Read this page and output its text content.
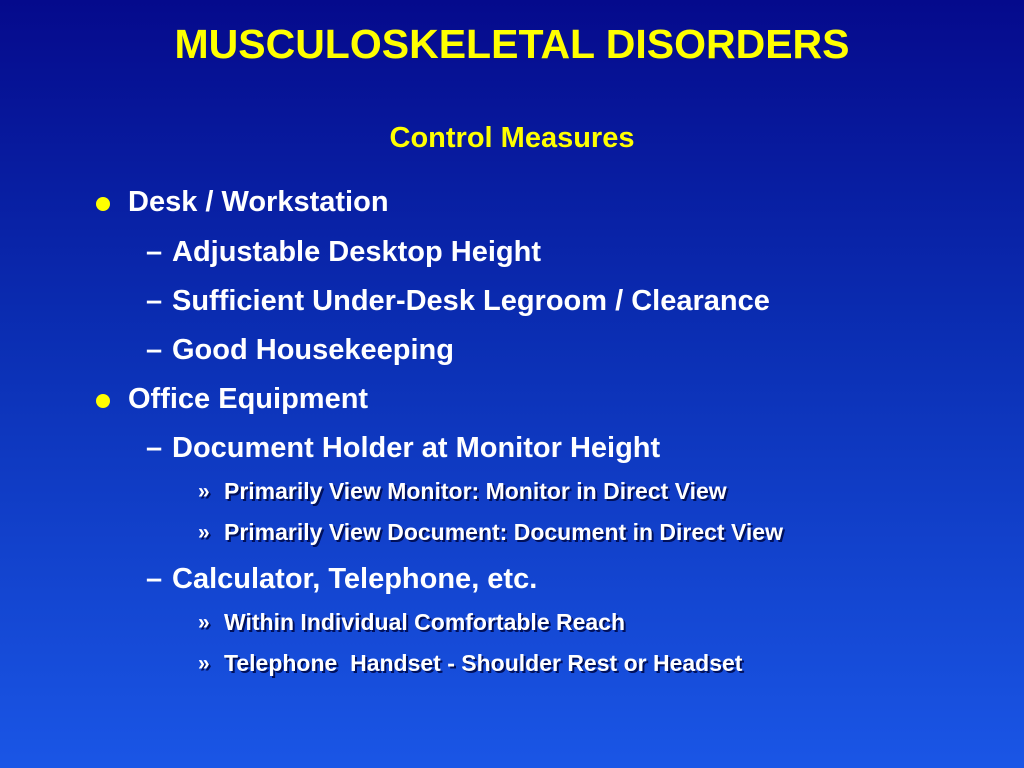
MUSCULOSKELETAL DISORDERS
Control Measures
Desk / Workstation
– Adjustable Desktop Height
– Sufficient Under-Desk Legroom / Clearance
– Good Housekeeping
Office Equipment
– Document Holder at Monitor Height
» Primarily View Monitor: Monitor in Direct View
» Primarily View Document: Document in Direct View
– Calculator, Telephone, etc.
» Within Individual Comfortable Reach
» Telephone  Handset - Shoulder Rest or Headset
